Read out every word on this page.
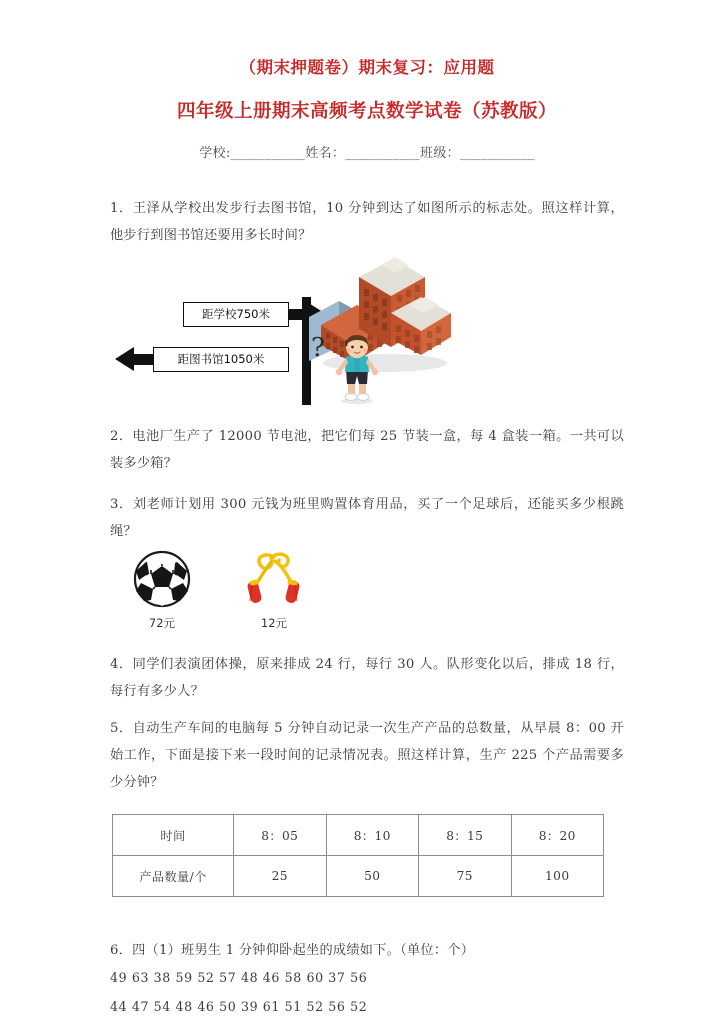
（期末押题卷）期末复习：应用题
四年级上册期末高频考点数学试卷（苏教版）
学校:___________姓名：___________班级：___________
1．王泽从学校出发步行去图书馆，10 分钟到达了如图所示的标志处。照这样计算，他步行到图书馆还要用多长时间？
距学校750米
距图书馆1050米	?
2．电池厂生产了 12000 节电池，把它们每 25 节装一盒，每 4 盒装一箱。一共可以装多少箱？
3．刘老师计划用 300 元钱为班里购置体育用品，买了一个足球后，还能买多少根跳绳？
72元	12元
4．同学们表演团体操，原来排成 24 行，每行 30 人。队形变化以后，排成 18 行，每行有多少人？
5．自动生产车间的电脑每 5 分钟自动记录一次生产产品的总数量，从早晨 8：00 开始工作，下面是接下来一段时间的记录情况表。照这样计算，生产 225 个产品需要多少分钟？
时间	8：05	8：10	8：15	8：20
产品数量/个	25	50	75	100
6．四（1）班男生 1 分钟仰卧起坐的成绩如下。（单位：个）
49 63 38 59 52 57 48 46 58 60 37 56
44 47 54 48 46 50 39 61 51 52 56 52
